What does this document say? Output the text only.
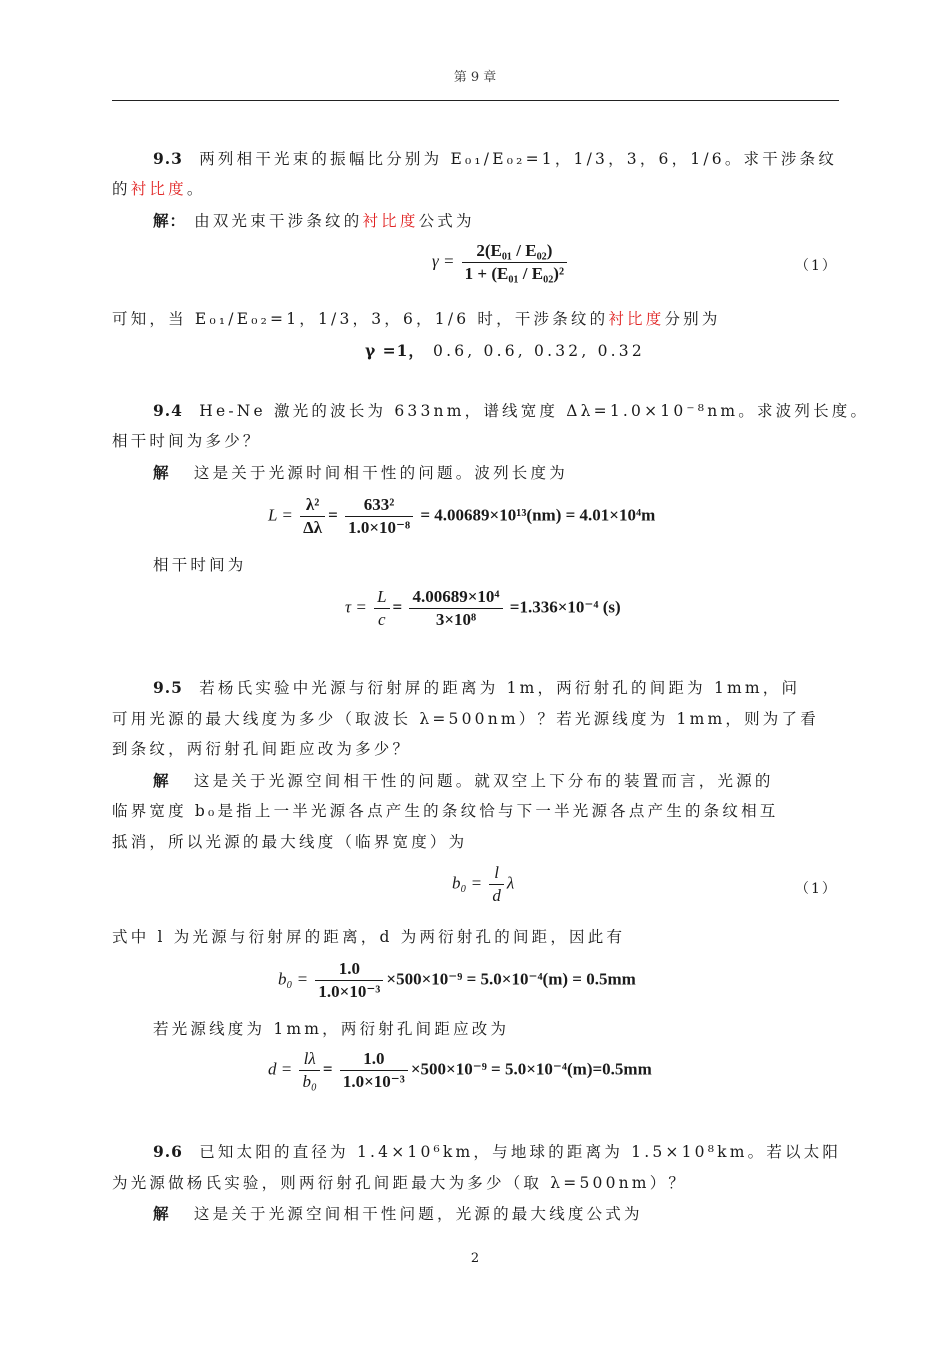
第 9 章
9.3 两列相干光束的振幅比分别为 E₀₁/E₀₂=1，1/3，3，6，1/6。求干涉条纹
的衬比度。
解： 由双光束干涉条纹的衬比度公式为
$\gamma = \frac{\text{2(E₀₁ / E₀₂)}}{\text{1 + (E₀₁ / E₀₂)²}}$	（1）
可知，当 E₀₁/E₀₂=1，1/3，3，6，1/6 时，干涉条纹的衬比度分别为
γ =1， 0.6, 0.6, 0.32, 0.32
9.4 He-Ne 激光的波长为 633nm，谱线宽度 Δλ=1.0×10⁻⁸nm。求波列长度。
相干时间为多少？
解 这是关于光源时间相干性的问题。波列长度为
$L = \frac{\text{λ²}}{\Delta\lambda} = \frac{\text{633²}}{\text{1.0×10⁻⁸}} = 4.00689\times 10^{13}(nm) = 4.01\times 10^4m$
相干时间为
$\tau = \frac{L}{c} = \frac{\text{4.00689×10⁴}}{\text{3×10⁸}} =1.336\times 10^{-4}$ (s)
9.5 若杨氏实验中光源与衍射屏的距离为 1m，两衍射孔的间距为 1mm，问
可用光源的最大线度为多少（取波长 λ=500nm）？若光源线度为 1mm，则为了看
到条纹，两衍射孔间距应改为多少？
解 这是关于光源空间相干性的问题。就双空上下分布的装置而言，光源的
临界宽度 b₀是指上一半光源各点产生的条纹恰与下一半光源各点产生的条纹相互
抵消，所以光源的最大线度（临界宽度）为
$b_0 = \frac{l}{d}$ λ	（1）
式中 l 为光源与衍射屏的距离，d 为两衍射孔的间距，因此有
$b_0 = \frac{1.0}{\text{1.0×10⁻³}} \times 500\times 10^{-9} = 5.0\times 10^{-4}(m) = 0.5mm$
若光源线度为 1mm，两衍射孔间距应改为
$d = \frac{l\lambda}{\text{b₀}} = \frac{1.0}{\text{1.0×10⁻³}} \times 500\times 10^{-9} = 5.0\times 10^{-4}(m)=0.5mm$
9.6 已知太阳的直径为 1.4×10⁶km，与地球的距离为 1.5×10⁸km。若以太阳
为光源做杨氏实验，则两衍射孔间距最大为多少（取 λ=500nm）？
解 这是关于光源空间相干性问题，光源的最大线度公式为
2
